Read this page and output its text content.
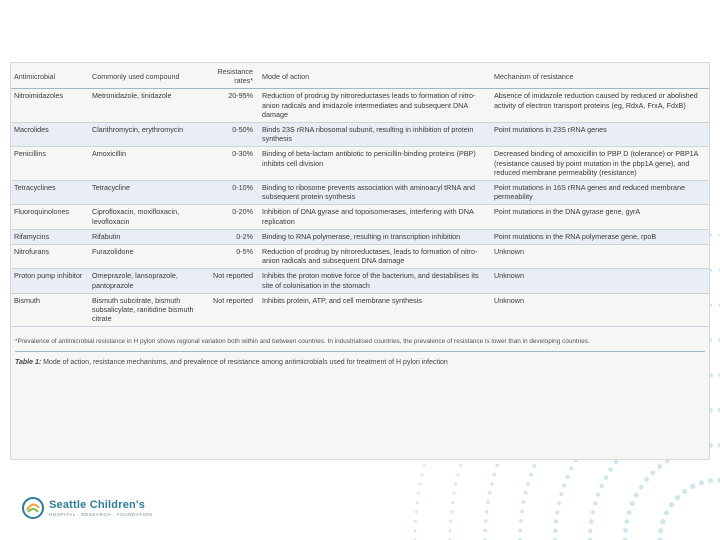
Antimicrobial	Commonly used compound	Resistance rates*	Mode of action	Mechanism of resistance
Nitroimidazoles	Metronidazole, tinidazole	20-95%	Reduction of prodrug by nitroreductases leads to formation of nitro-anion radicals and imidazole intermediates and subsequent DNA damage	Absence of imidazole reduction caused by reduced or abolished activity of electron transport proteins (eg, RdxA, FrxA, FdxB)
Macrolides	Clarithromycin, erythromycin	0-50%	Binds 23S rRNA ribosomal subunit, resulting in inhibition of protein synthesis	Point mutations in 23S rRNA genes
Penicillins	Amoxicillin	0-30%	Binding of beta-lactam antibiotic to penicillin-binding proteins (PBP) inhibits cell division	Decreased binding of amoxicillin to PBP D (tolerance) or PBP1A (resistance caused by point mutation in the pbp1A gene), and reduced membrane permeability (resistance)
Tetracyclines	Tetracycline	0-10%	Binding to ribosome prevents association with aminoacyl tRNA and subsequent protein synthesis	Point mutations in 16S rRNA genes and reduced membrane permeability
Fluoroquinolones	Ciprofloxacin, moxifloxacin, levofloxacin	0-20%	Inhibition of DNA gyrase and topoisomerases, interfering with DNA replication	Point mutations in the DNA gyrase gene, gyrA
Rifamycins	Rifabutin	0-2%	Binding to RNA polymerase, resulting in transcription inhibition	Point mutations in the RNA polymerase gene, rpoB
Nitrofurans	Furazolidone	0-5%	Reduction of prodrug by nitroreductases, leads to formation of nitro-anion radicals and subsequent DNA damage	Unknown
Proton pump inhibitor	Omeprazole, lansoprazole, pantoprazole	Not reported	Inhibits the proton motive force of the bacterium, and destabilises its site of colonisation in the stomach	Unknown
Bismuth	Bismuth subcitrate, bismuth subsalicylate, ranitidine bismuth citrate	Not reported	Inhibits protein, ATP, and cell membrane synthesis	Unknown
*Prevalence of antimicrobial resistance in H pylori shows regional variation both within and between countries. In industrialised countries, the prevalence of resistance is lower than in developing countries.
Table 1: Mode of action, resistance mechanisms, and prevalence of resistance among antimicrobials used for treatment of H pylori infection
Seattle Children's
HOSPITAL · RESEARCH · FOUNDATION
